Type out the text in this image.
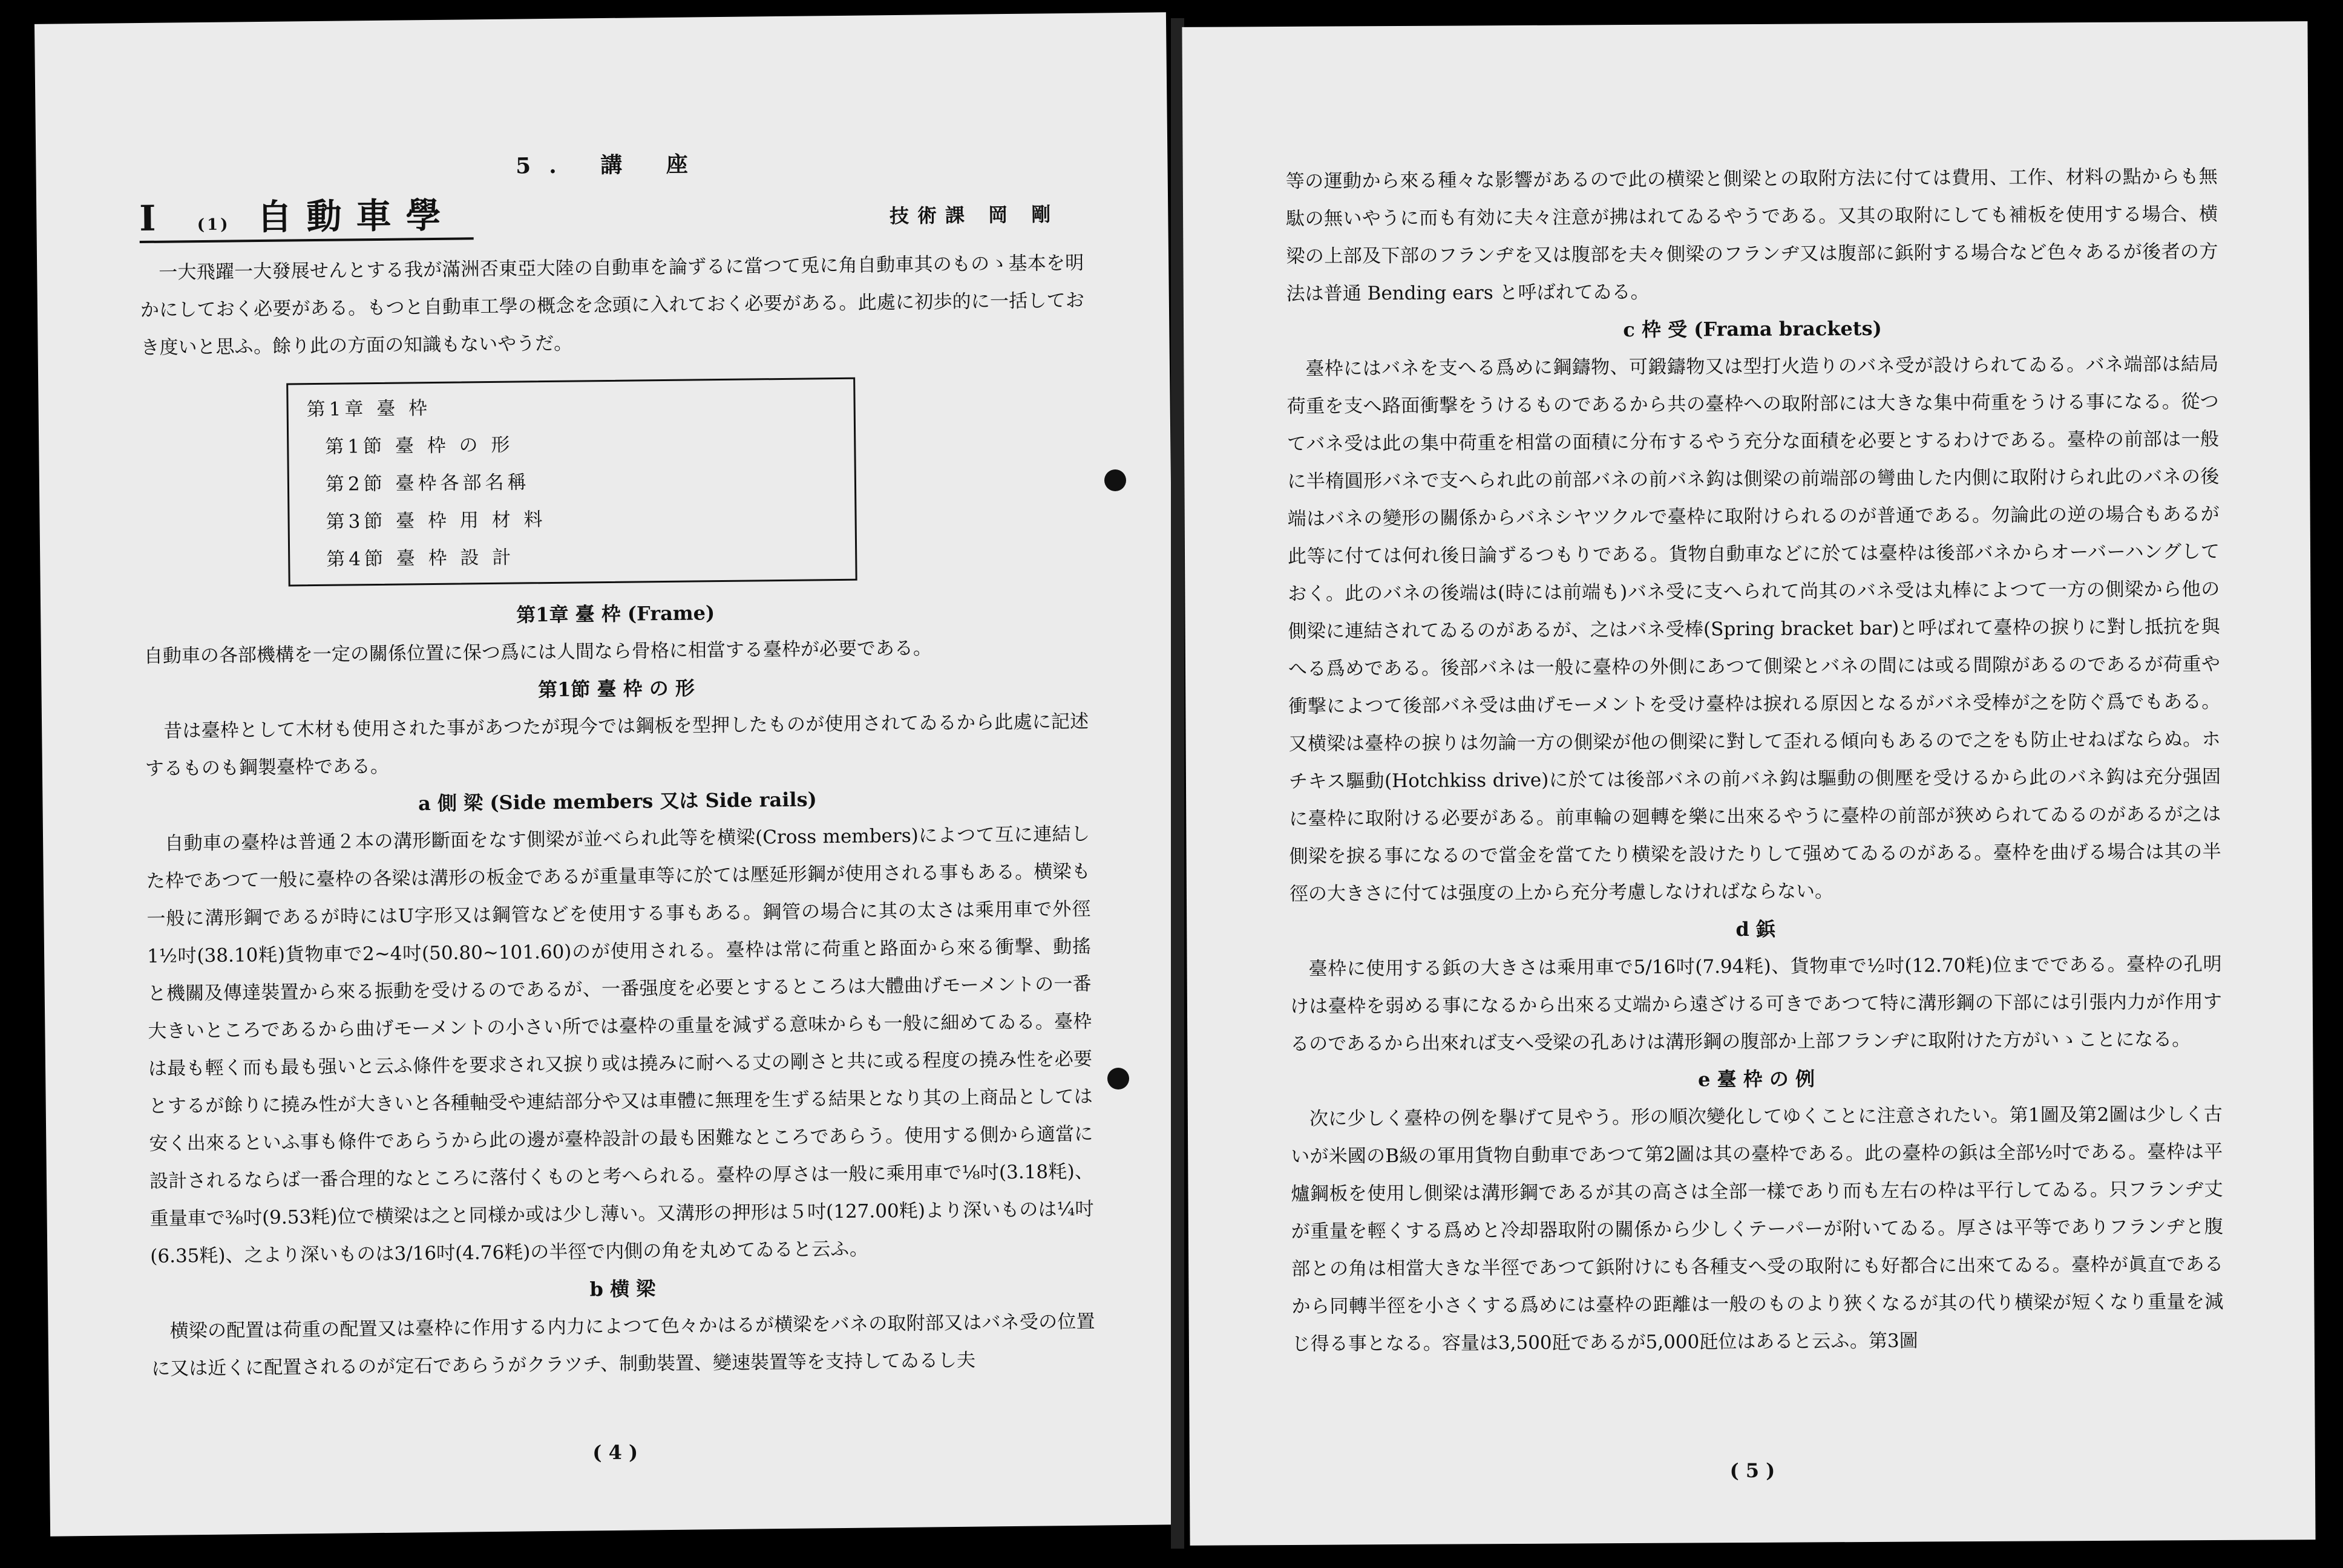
5. 講 座
I (1) 自動車學	技術課 岡 剛

一大飛躍一大發展せんとする我が滿洲否東亞大陸の自動車を論ずるに當つて兎に角自動車其のものゝ基本を明かにしておく必要がある。もつと自動車工學の概念を念頭に入れておく必要がある。此處に初歩的に一括しておき度いと思ふ。餘り此の方面の知識もないやうだ。

第1章 臺 枠
第1節 臺 枠 の 形
第2節 臺枠各部名稱
第3節 臺 枠 用 材 料
第4節 臺 枠 設 計

第1章 臺 枠 (Frame)

自動車の各部機構を一定の關係位置に保つ爲には人間なら骨格に相當する臺枠が必要である。

第1節 臺 枠 の 形

昔は臺枠として木材も使用された事があつたが現今では鋼板を型押したものが使用されてゐるから此處に記述するものも鋼製臺枠である。

a 側 梁 (Side members 又は Side rails)

自動車の臺枠は普通２本の溝形斷面をなす側梁が並べられ此等を横梁(Cross members)によつて互に連結した枠であつて一般に臺枠の各梁は溝形の板金であるが重量車等に於ては壓延形鋼が使用される事もある。横梁も一般に溝形鋼であるが時にはU字形又は鋼管などを使用する事もある。鋼管の場合に其の太さは乘用車で外徑1½吋(38.10粍)貨物車で2~4吋(50.80~101.60)のが使用される。臺枠は常に荷重と路面から來る衝撃、動搖と機關及傳達裝置から來る振動を受けるのであるが、一番强度を必要とするところは大體曲げモーメントの一番大きいところであるから曲げモーメントの小さい所では臺枠の重量を減ずる意味からも一般に細めてゐる。臺枠は最も輕く而も最も强いと云ふ條件を要求され又捩り或は撓みに耐へる丈の剛さと共に或る程度の撓み性を必要とするが餘りに撓み性が大きいと各種軸受や連結部分や又は車體に無理を生ずる結果となり其の上商品としては安く出來るといふ事も條件であらうから此の邊が臺枠設計の最も困難なところであらう。使用する側から適當に設計されるならば一番合理的なところに落付くものと考へられる。臺枠の厚さは一般に乘用車で⅛吋(3.18粍)、重量車で⅜吋(9.53粍)位で横梁は之と同様か或は少し薄い。又溝形の押形は５吋(127.00粍)より深いものは¼吋(6.35粍)、之より深いものは3/16吋(4.76粍)の半徑で内側の角を丸めてゐると云ふ。

b 横 梁

横梁の配置は荷重の配置又は臺枠に作用する内力によつて色々かはるが横梁をバネの取附部又はバネ受の位置に又は近くに配置されるのが定石であらうがクラツチ、制動裝置、變速裝置等を支持してゐるし夫

( 4 )

等の運動から來る種々な影響があるので此の横梁と側梁との取附方法に付ては費用、工作、材料の點からも無駄の無いやうに而も有効に夫々注意が拂はれてゐるやうである。又其の取附にしても補板を使用する場合、横梁の上部及下部のフランヂを又は腹部を夫々側梁のフランヂ又は腹部に鋲附する場合など色々あるが後者の方法は普通 Bending ears と呼ばれてゐる。

c 枠 受 (Frama brackets)

臺枠にはバネを支へる爲めに鋼鑄物、可鍛鑄物又は型打火造りのバネ受が設けられてゐる。バネ端部は結局荷重を支へ路面衝撃をうけるものであるから共の臺枠への取附部には大きな集中荷重をうける事になる。從つてバネ受は此の集中荷重を相當の面積に分布するやう充分な面積を必要とするわけである。臺枠の前部は一般に半楕圓形バネで支へられ此の前部バネの前バネ鈎は側梁の前端部の彎曲した内側に取附けられ此のバネの後端はバネの變形の關係からバネシヤツクルで臺枠に取附けられるのが普通である。勿論此の逆の場合もあるが此等に付ては何れ後日論ずるつもりである。貨物自動車などに於ては臺枠は後部バネからオーバーハングしておく。此のバネの後端は(時には前端も)バネ受に支へられて尚其のバネ受は丸棒によつて一方の側梁から他の側梁に連結されてゐるのがあるが、之はバネ受棒(Spring bracket bar)と呼ばれて臺枠の捩りに對し抵抗を與へる爲めである。後部バネは一般に臺枠の外側にあつて側梁とバネの間には或る間隙があるのであるが荷重や衝撃によつて後部バネ受は曲げモーメントを受け臺枠は捩れる原因となるがバネ受棒が之を防ぐ爲でもある。又横梁は臺枠の捩りは勿論一方の側梁が他の側梁に對して歪れる傾向もあるので之をも防止せねばならぬ。ホチキス驅動(Hotchkiss drive)に於ては後部バネの前バネ鈎は驅動の側壓を受けるから此のバネ鈎は充分强固に臺枠に取附ける必要がある。前車輪の廻轉を樂に出來るやうに臺枠の前部が狹められてゐるのがあるが之は側梁を捩る事になるので當金を當てたり横梁を設けたりして强めてゐるのがある。臺枠を曲げる場合は其の半徑の大きさに付ては强度の上から充分考慮しなければならない。

d 鋲

臺枠に使用する鋲の大きさは乘用車で5/16吋(7.94粍)、貨物車で½吋(12.70粍)位までである。臺枠の孔明けは臺枠を弱める事になるから出來る丈端から遠ざける可きであつて特に溝形鋼の下部には引張内力が作用するのであるから出來れば支へ受梁の孔あけは溝形鋼の腹部か上部フランヂに取附けた方がいゝことになる。

e 臺 枠 の 例

次に少しく臺枠の例を擧げて見やう。形の順次變化してゆくことに注意されたい。第1圖及第2圖は少しく古いが米國のB級の軍用貨物自動車であつて第2圖は其の臺枠である。此の臺枠の鋲は全部½吋である。臺枠は平爐鋼板を使用し側梁は溝形鋼であるが其の高さは全部一樣であり而も左右の枠は平行してゐる。只フランヂ丈が重量を輕くする爲めと冷却器取附の關係から少しくテーパーが附いてゐる。厚さは平等でありフランヂと腹部との角は相當大きな半徑であつて鋲附けにも各種支へ受の取附にも好都合に出來てゐる。臺枠が眞直であるから同轉半徑を小さくする爲めには臺枠の距離は一般のものより狹くなるが其の代り横梁が短くなり重量を減じ得る事となる。容量は3,500瓩であるが5,000瓩位はあると云ふ。第3圖

( 5 )
